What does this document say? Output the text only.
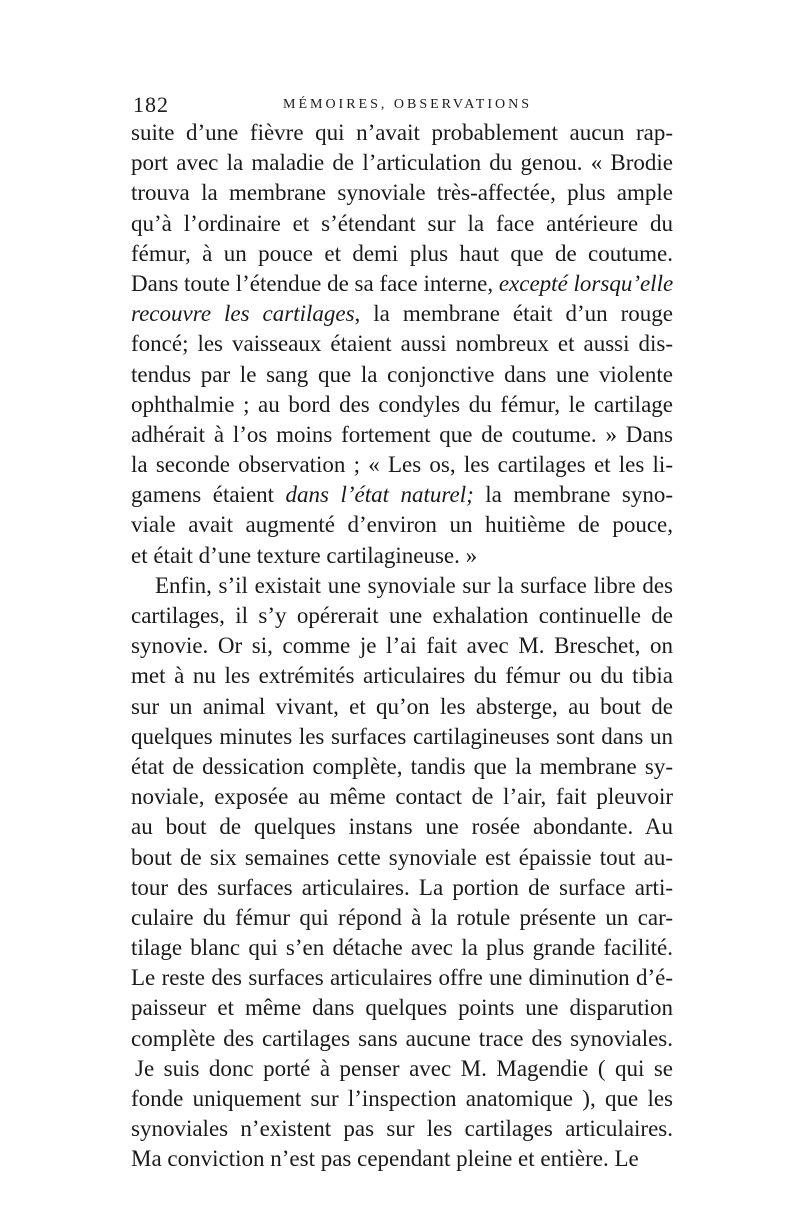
182	MÉMOIRES, OBSERVATIONS
suite d’une fièvre qui n’avait probablement aucun rap-
port avec la maladie de l’articulation du genou. « Brodie
trouva la membrane synoviale très-affectée, plus ample
qu’à l’ordinaire et s’étendant sur la face antérieure du
fémur, à un pouce et demi plus haut que de coutume.
Dans toute l’étendue de sa face interne, excepté lorsqu’elle
recouvre les cartilages, la membrane était d’un rouge
foncé; les vaisseaux étaient aussi nombreux et aussi dis-
tendus par le sang que la conjonctive dans une violente
ophthalmie ; au bord des condyles du fémur, le cartilage
adhérait à l’os moins fortement que de coutume. » Dans
la seconde observation ; « Les os, les cartilages et les li-
gamens étaient dans l’état naturel; la membrane syno-
viale avait augmenté d’environ un huitième de pouce,
et était d’une texture cartilagineuse. »
Enfin, s’il existait une synoviale sur la surface libre des
cartilages, il s’y opérerait une exhalation continuelle de
synovie. Or si, comme je l’ai fait avec M. Breschet, on
met à nu les extrémités articulaires du fémur ou du tibia
sur un animal vivant, et qu’on les absterge, au bout de
quelques minutes les surfaces cartilagineuses sont dans un
état de dessication complète, tandis que la membrane sy-
noviale, exposée au même contact de l’air, fait pleuvoir
au bout de quelques instans une rosée abondante. Au
bout de six semaines cette synoviale est épaissie tout au-
tour des surfaces articulaires. La portion de surface arti-
culaire du fémur qui répond à la rotule présente un car-
tilage blanc qui s’en détache avec la plus grande facilité.
Le reste des surfaces articulaires offre une diminution d’é-
paisseur et même dans quelques points une disparution
complète des cartilages sans aucune trace des synoviales.
Je suis donc porté à penser avec M. Magendie ( qui se
fonde uniquement sur l’inspection anatomique ), que les
synoviales n’existent pas sur les cartilages articulaires.
Ma conviction n’est pas cependant pleine et entière. Le
